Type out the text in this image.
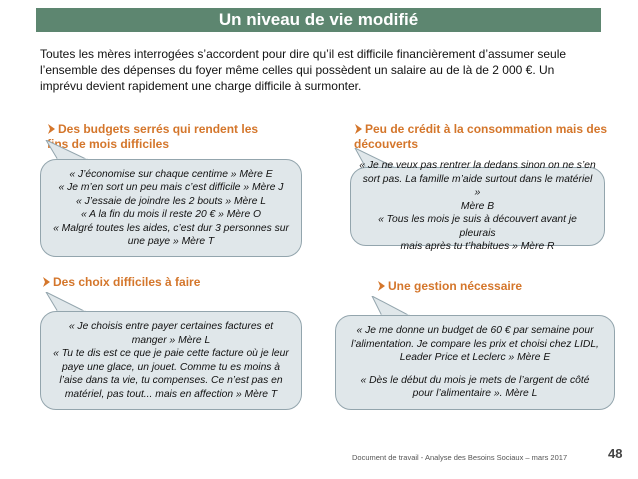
Un niveau de vie modifié

Toutes les mères interrogées s’accordent pour dire qu’il est difficile financièrement d’assumer seule l’ensemble des dépenses du foyer même celles qui possèdent un salaire au de là de 2 000 €. Un imprévu devient rapidement une charge difficile à surmonter.

Des budgets serrés qui rendent les
fins de mois difficiles
Peu de crédit à la consommation mais des
découverts

« J’économise sur chaque centime » Mère E

« Je m’en sort un peu mais c’est difficile » Mère J

« J’essaie de joindre les 2 bouts » Mère L

« A la fin du mois il reste 20 € » Mère O

« Malgré toutes les aides, c’est dur 3 personnes sur

une paye » Mère T

« Je ne veux pas rentrer la dedans sinon on ne s’en

sort pas. La famille m’aide surtout dans le matériel »

Mère B

« Tous les mois je suis à découvert avant je pleurais

mais après tu t’habitues » Mère R

Des choix difficiles à faire	Une gestion nécessaire

« Je choisis entre payer certaines factures et

manger » Mère L

« Tu te dis est ce que je paie cette facture où je leur

paye une glace, un jouet. Comme tu es moins à

l’aise dans ta vie, tu compenses. Ce n’est pas en

matériel, pas tout... mais en affection » Mère T

« Je me donne un budget de 60 € par semaine pour

l’alimentation. Je compare les prix et choisi chez LIDL,

Leader Price et Leclerc » Mère E

« Dès le début du mois je mets de l’argent de côté

pour l’alimentaire ». Mère L

Document de travail - Analyse des Besoins Sociaux – mars 2017	48
